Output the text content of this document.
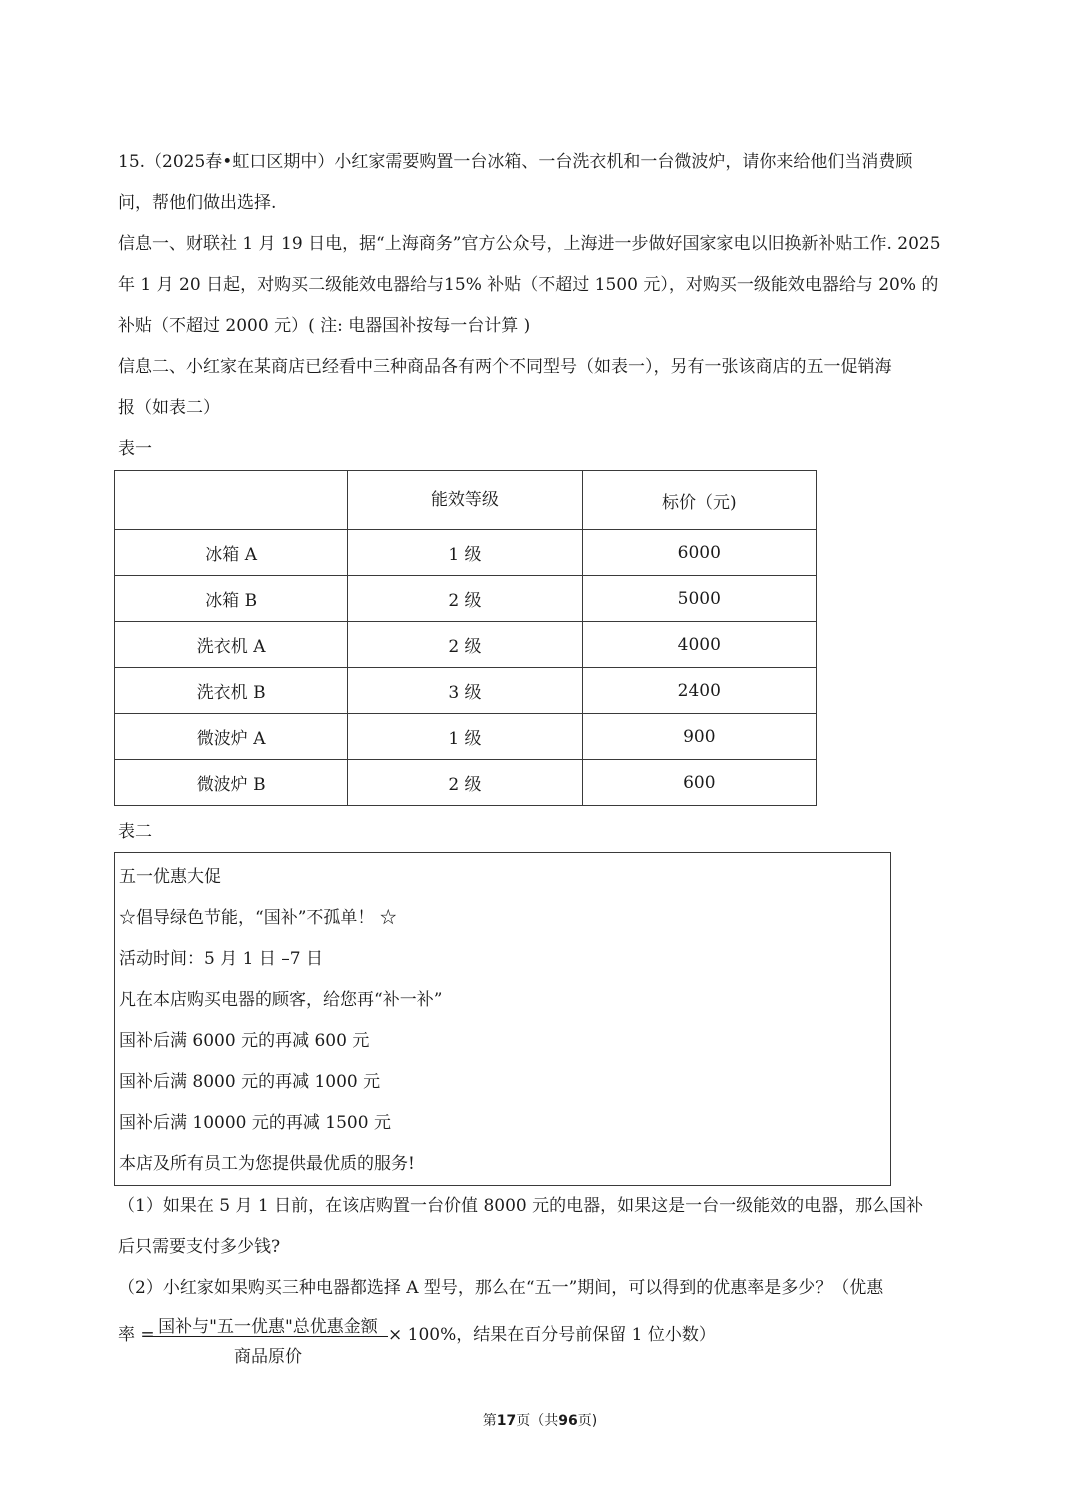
15.（2025春•虹口区期中）小红家需要购置一台冰箱、一台洗衣机和一台微波炉，请你来给他们当消费顾
问，帮他们做出选择.
信息一、财联社 1 月 19 日电，据“上海商务”官方公众号，上海进一步做好国家家电以旧换新补贴工作. 2025
年 1 月 20 日起，对购买二级能效电器给与15% 补贴（不超过 1500 元），对购买一级能效电器给与 20% 的
补贴（不超过 2000 元）( 注: 电器国补按每一台计算 )
信息二、小红家在某商店已经看中三种商品各有两个不同型号（如表一），另有一张该商店的五一促销海
报（如表二）
表一
	能效等级	标价（元)
冰箱 A	1 级	6000
冰箱 B	2 级	5000
洗衣机 A	2 级	4000
洗衣机 B	3 级	2400
微波炉 A	1 级	900
微波炉 B	2 级	600
表二
五一优惠大促
☆倡导绿色节能，“国补”不孤单！ ☆
活动时间：5 月 1 日 –7 日
凡在本店购买电器的顾客，给您再“补一补”
国补后满 6000 元的再减 600 元
国补后满 8000 元的再减 1000 元
国补后满 10000 元的再减 1500 元
本店及所有员工为您提供最优质的服务!
（1）如果在 5 月 1 日前，在该店购置一台价值 8000 元的电器，如果这是一台一级能效的电器，那么国补
后只需要支付多少钱?
（2）小红家如果购买三种电器都选择 A 型号，那么在“五一”期间，可以得到的优惠率是多少？（优惠
率 = 国补与"五一优惠"总优惠金额
商品原价
× 100%，结果在百分号前保留 1 位小数）
第17页（共96页)
